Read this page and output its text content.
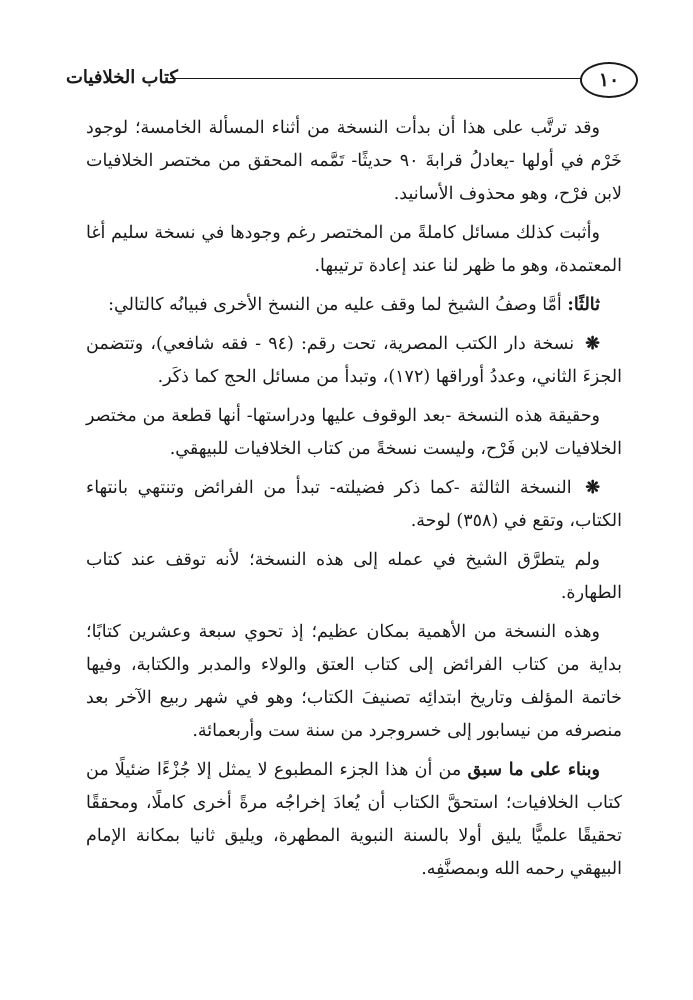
كتاب الخلافيات	١٠

وقد ترتَّب على هذا أن بدأت النسخة من أثناء المسألة الخامسة؛ لوجود خَرْم في أولها -يعادلُ قرابةَ ٩٠ حديثًا- تَمَّمه المحقق من مختصر الخلافيات لابن فرْح، وهو محذوف الأسانيد.

وأثبت كذلك مسائل كاملةً من المختصر رغم وجودها في نسخة سليم أغا المعتمدة، وهو ما ظهر لنا عند إعادة ترتيبها.

ثالثًا: أمَّا وصفُ الشيخ لما وقف عليه من النسخ الأخرى فبيانُه كالتالي:

❋ نسخة دار الكتب المصرية، تحت رقم: (٩٤ - فقه شافعي)، وتتضمن الجزءَ الثاني، وعددُ أوراقها (١٧٢)، وتبدأ من مسائل الحج كما ذكَر.

وحقيقة هذه النسخة -بعد الوقوف عليها ودراستها- أنها قطعة من مختصر الخلافيات لابن فَرْح، وليست نسخةً من كتاب الخلافيات للبيهقي.

❋ النسخة الثالثة -كما ذكر فضيلته- تبدأ من الفرائض وتنتهي بانتهاء الكتاب، وتقع في (٣٥٨) لوحة.

ولم يتطرَّق الشيخ في عمله إلى هذه النسخة؛ لأنه توقف عند كتاب الطهارة.

وهذه النسخة من الأهمية بمكان عظيم؛ إذ تحوي سبعة وعشرين كتابًا؛ بداية من كتاب الفرائض إلى كتاب العتق والولاء والمدبر والكتابة، وفيها خاتمة المؤلف وتاريخ ابتدائِه تصنيفَ الكتاب؛ وهو في شهر ربيع الآخر بعد منصرفه من نيسابور إلى خسروجرد من سنة ست وأربعمائة.

وبناء على ما سبق من أن هذا الجزء المطبوع لا يمثل إلا جُزْءًا ضئيلًا من كتاب الخلافيات؛ استحقَّ الكتاب أن يُعادَ إخراجُه مرةً أخرى كاملًا، ومحققًا تحقيقًا علميًّا يليق أولا بالسنة النبوية المطهرة، ويليق ثانيا بمكانة الإمام البيهقي رحمه الله وبمصنَّفِه.
